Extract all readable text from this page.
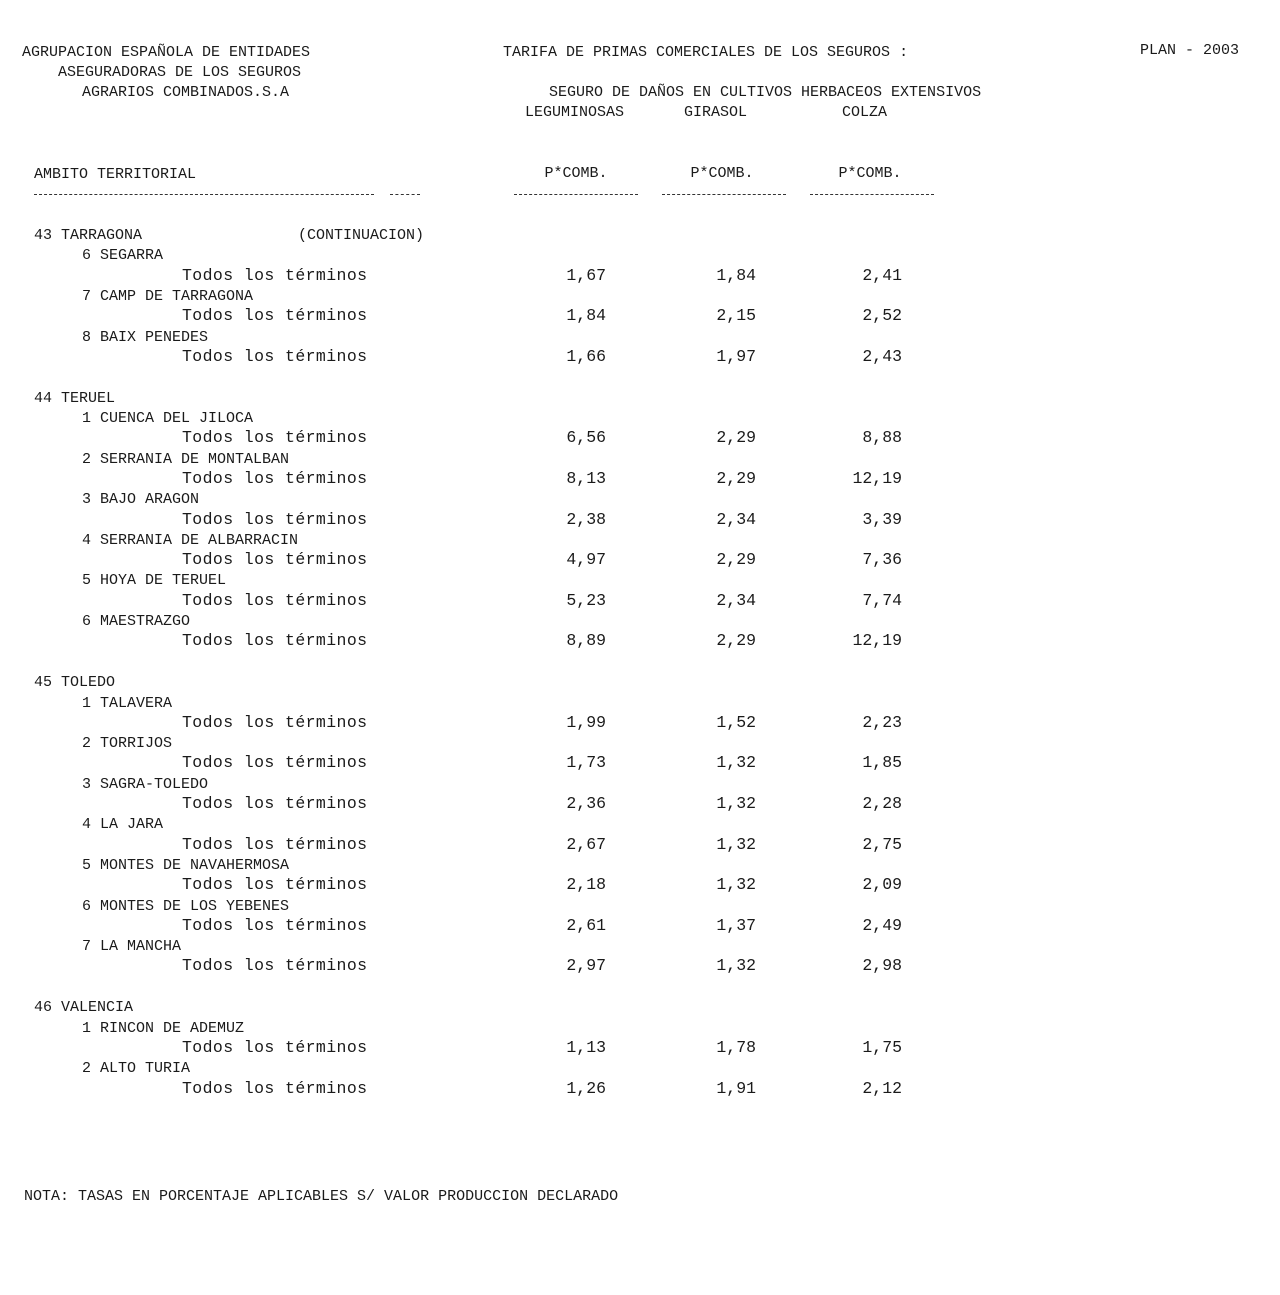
AGRUPACION ESPAÑOLA DE ENTIDADES
ASEGURADORAS DE LOS SEGUROS
AGRARIOS COMBINADOS.S.A
TARIFA DE PRIMAS COMERCIALES DE LOS SEGUROS :	PLAN - 2003
SEGURO DE DAÑOS EN CULTIVOS HERBACEOS EXTENSIVOS
LEGUMINOSAS	GIRASOL	COLZA
AMBITO TERRITORIAL	P*COMB.	P*COMB.	P*COMB.
(CONTINUACION)
43 TARRAGONA
6 SEGARRA
Todos los términos	1,67	1,84	2,41
7 CAMP DE TARRAGONA
Todos los términos	1,84	2,15	2,52
8 BAIX PENEDES
Todos los términos	1,66	1,97	2,43
44 TERUEL
1 CUENCA DEL JILOCA
Todos los términos	6,56	2,29	8,88
2 SERRANIA DE MONTALBAN
Todos los términos	8,13	2,29	12,19
3 BAJO ARAGON
Todos los términos	2,38	2,34	3,39
4 SERRANIA DE ALBARRACIN
Todos los términos	4,97	2,29	7,36
5 HOYA DE TERUEL
Todos los términos	5,23	2,34	7,74
6 MAESTRAZGO
Todos los términos	8,89	2,29	12,19
45 TOLEDO
1 TALAVERA
Todos los términos	1,99	1,52	2,23
2 TORRIJOS
Todos los términos	1,73	1,32	1,85
3 SAGRA-TOLEDO
Todos los términos	2,36	1,32	2,28
4 LA JARA
Todos los términos	2,67	1,32	2,75
5 MONTES DE NAVAHERMOSA
Todos los términos	2,18	1,32	2,09
6 MONTES DE LOS YEBENES
Todos los términos	2,61	1,37	2,49
7 LA MANCHA
Todos los términos	2,97	1,32	2,98
46 VALENCIA
1 RINCON DE ADEMUZ
Todos los términos	1,13	1,78	1,75
2 ALTO TURIA
Todos los términos	1,26	1,91	2,12
NOTA: TASAS EN PORCENTAJE APLICABLES S/ VALOR PRODUCCION DECLARADO
